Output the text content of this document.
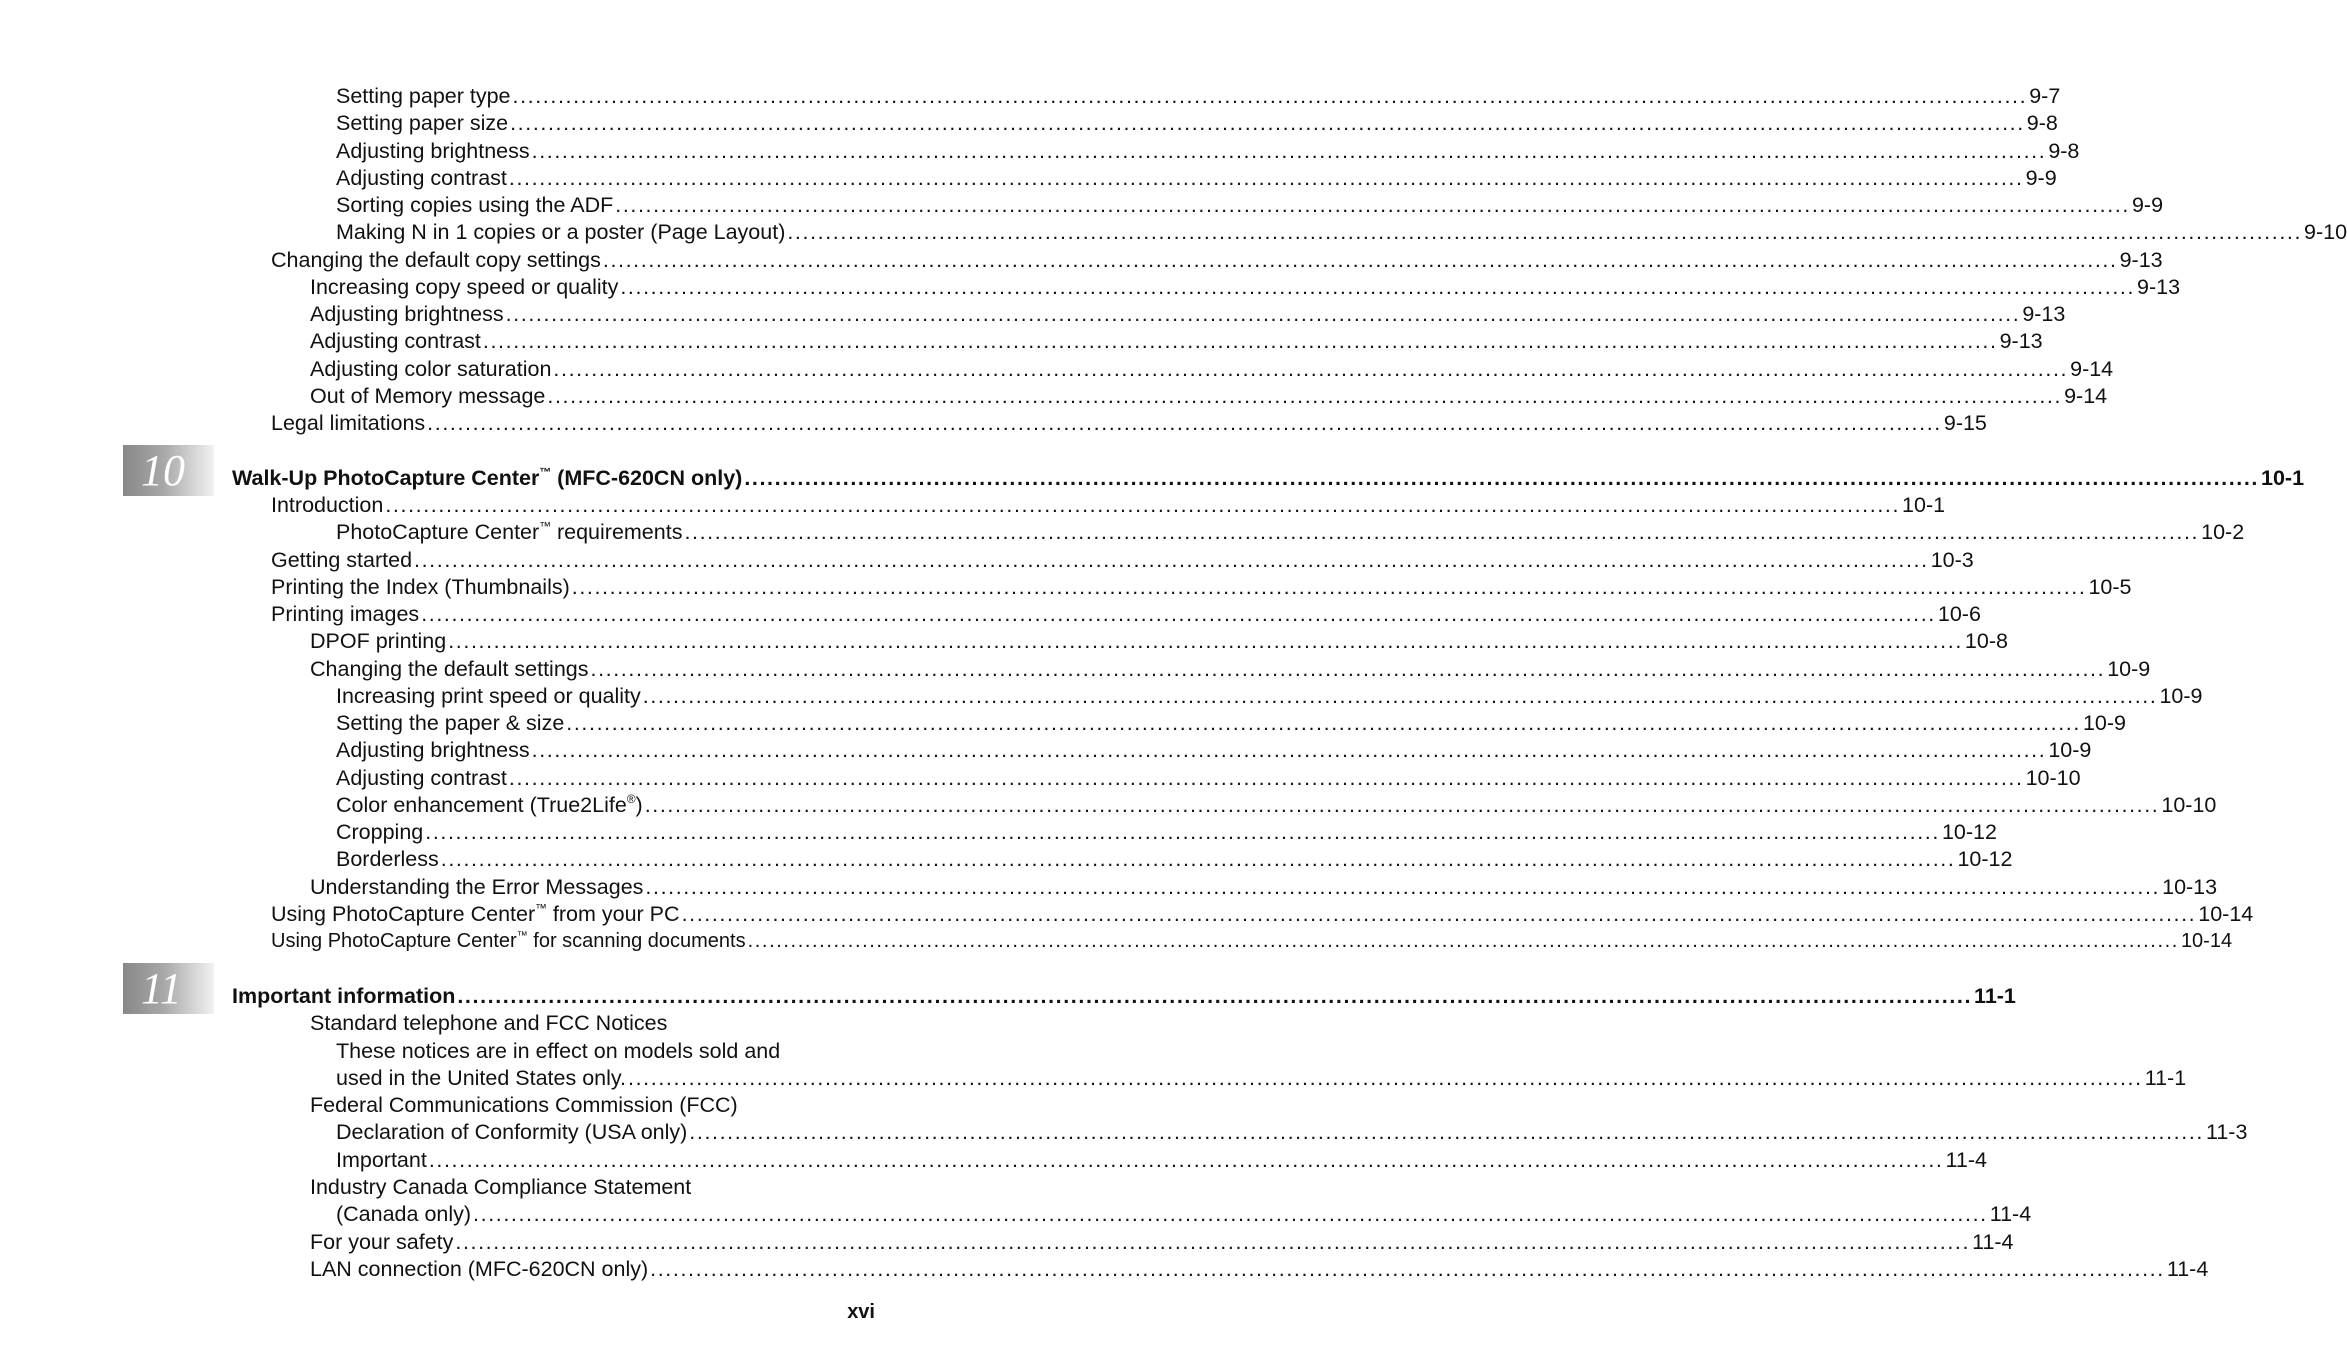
10
11
Setting paper type .....	9-7
Setting paper size .....	9-8
Adjusting brightness .....	9-8
Adjusting contrast .....	9-9
Sorting copies using the ADF .....	9-9
Making N in 1 copies or a poster (Page Layout) .....	9-10
Changing the default copy settings .....	9-13
Increasing copy speed or quality .....	9-13
Adjusting brightness .....	9-13
Adjusting contrast .....	9-13
Adjusting color saturation .....	9-14
Out of Memory message .....	9-14
Legal limitations .....	9-15
Walk-Up PhotoCapture Center™ (MFC-620CN only) .....	10-1
Introduction .....	10-1
PhotoCapture Center™ requirements .....	10-2
Getting started .....	10-3
Printing the Index (Thumbnails) .....	10-5
Printing images .....	10-6
DPOF printing .....	10-8
Changing the default settings .....	10-9
Increasing print speed or quality .....	10-9
Setting the paper & size .....	10-9
Adjusting brightness .....	10-9
Adjusting contrast .....	10-10
Color enhancement (True2Life®) .....	10-10
Cropping .....	10-12
Borderless .....	10-12
Understanding the Error Messages .....	10-13
Using PhotoCapture Center™ from your PC .....	10-14
Using PhotoCapture Center™ for scanning documents .....	10-14
Important information .....	11-1
Standard telephone and FCC Notices
These notices are in effect on models sold and
used in the United States only. .....	11-1
Federal Communications Commission (FCC)
Declaration of Conformity (USA only) .....	11-3
Important .....	11-4
Industry Canada Compliance Statement
(Canada only) .....	11-4
For your safety .....	11-4
LAN connection (MFC-620CN only) .....	11-4
xvi
